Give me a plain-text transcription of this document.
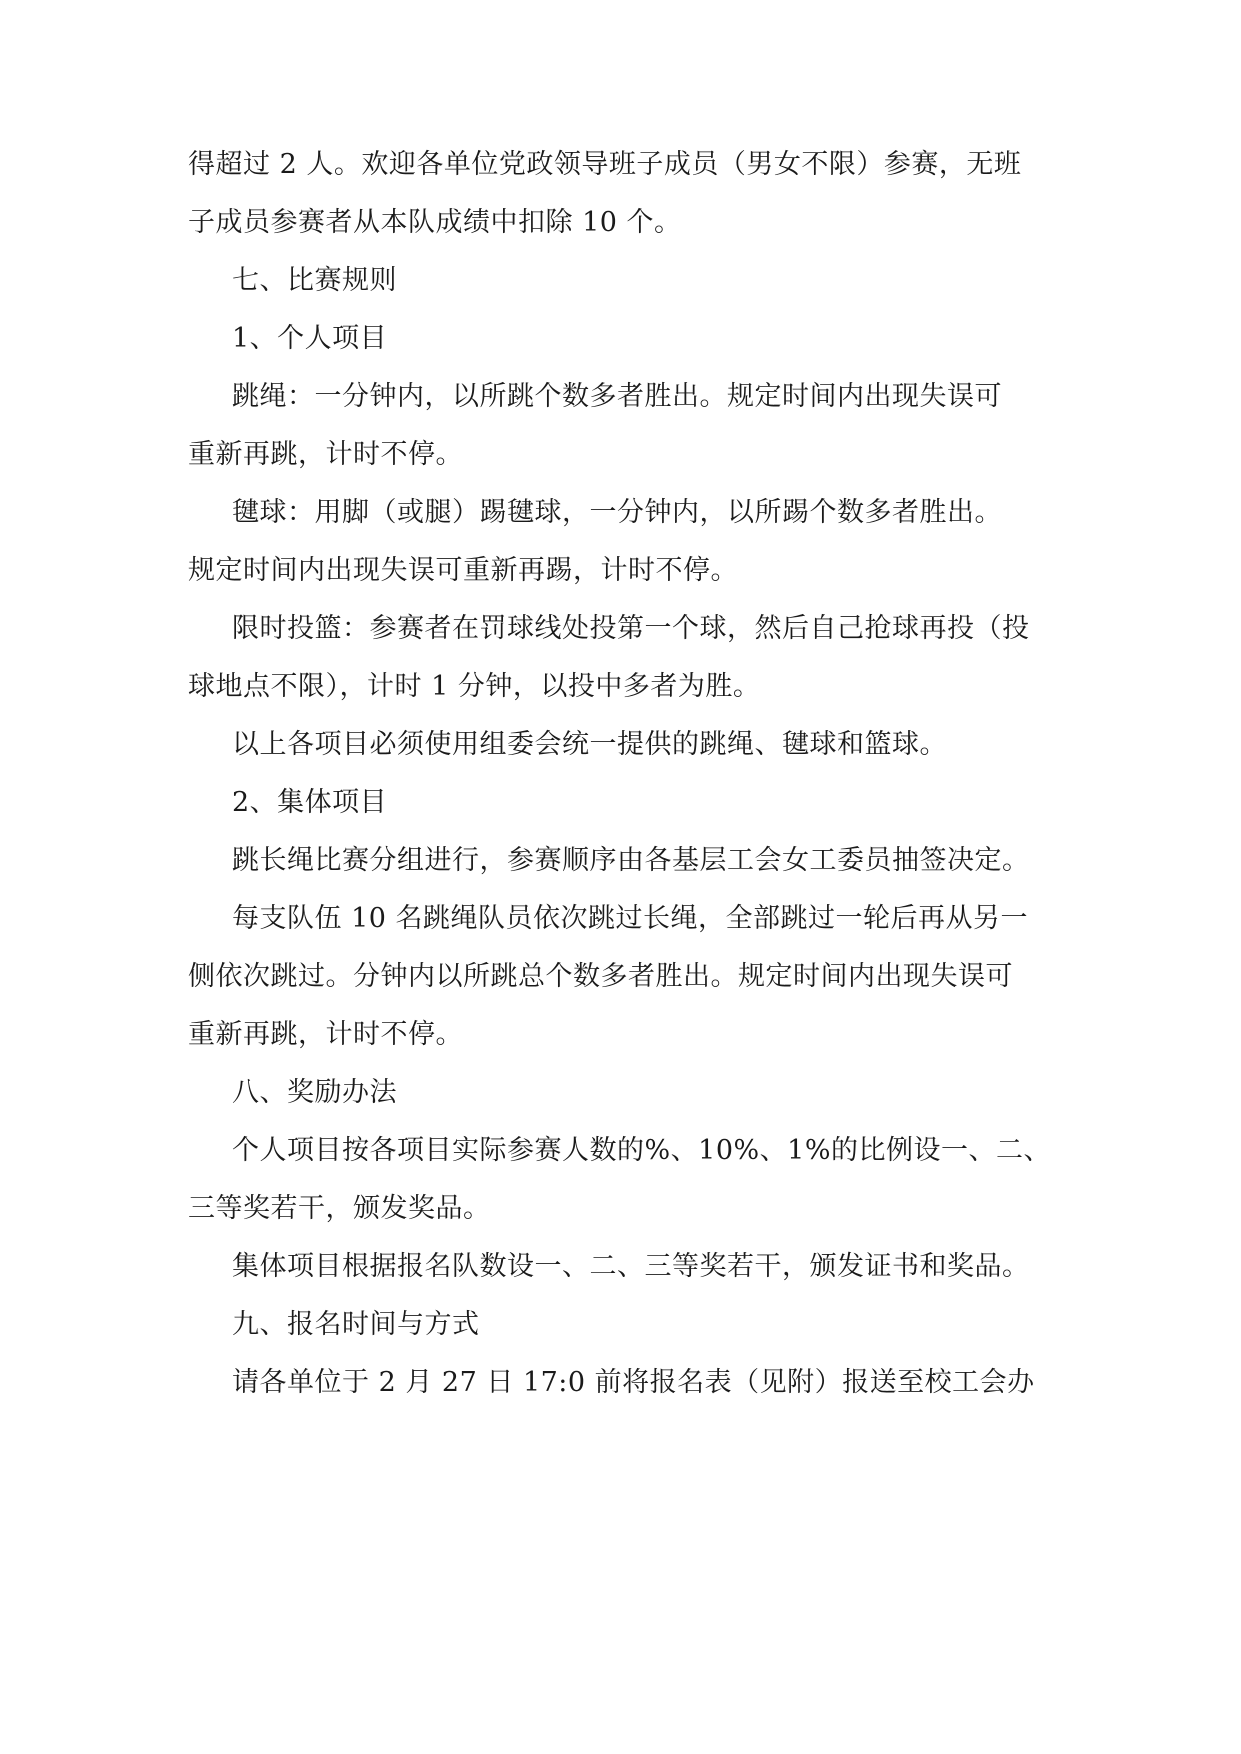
得超过 2 人。欢迎各单位党政领导班子成员（男女不限）参赛，无班
子成员参赛者从本队成绩中扣除 10 个。
七、比赛规则
1、个人项目
跳绳：一分钟内，以所跳个数多者胜出。规定时间内出现失误可
重新再跳，计时不停。
毽球：用脚（或腿）踢毽球，一分钟内，以所踢个数多者胜出。
规定时间内出现失误可重新再踢，计时不停。
限时投篮：参赛者在罚球线处投第一个球，然后自己抢球再投（投
球地点不限），计时 1 分钟，以投中多者为胜。
以上各项目必须使用组委会统一提供的跳绳、毽球和篮球。
2、集体项目
跳长绳比赛分组进行，参赛顺序由各基层工会女工委员抽签决定。
每支队伍 10 名跳绳队员依次跳过长绳，全部跳过一轮后再从另一
侧依次跳过。分钟内以所跳总个数多者胜出。规定时间内出现失误可
重新再跳，计时不停。
八、奖励办法
个人项目按各项目实际参赛人数的%、10%、1%的比例设一、二、
三等奖若干，颁发奖品。
集体项目根据报名队数设一、二、三等奖若干，颁发证书和奖品。
九、报名时间与方式
请各单位于 2 月 27 日 17:0 前将报名表（见附）报送至校工会办
